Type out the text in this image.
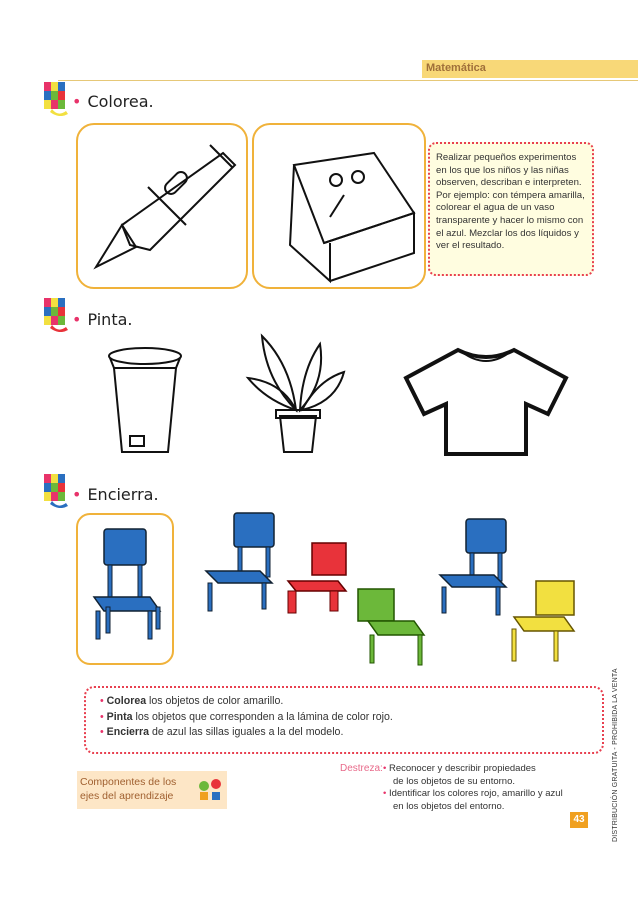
Matemática
• Colorea.
Realizar pequeños experimentos en los que los niños y las niñas observen, describan e interpreten. Por ejemplo: con témpera amarilla, colorear el agua de un vaso transparente y hacer lo mismo con el azul. Mezclar los dos líquidos y ver el resultado.
• Pinta.
• Encierra.
• Colorea los objetos de color amarillo.
• Pinta los objetos que corresponden a la lámina de color rojo.
• Encierra de azul las sillas iguales a la del modelo.
Componentes de los
ejes del aprendizaje
Destreza: • Reconocer y describir propiedades
de los objetos de su entorno.
• Identificar los colores rojo, amarillo y azul
en los objetos del entorno.
43	DISTRIBUCIÓN GRATUITA - PROHIBIDA LA VENTA
